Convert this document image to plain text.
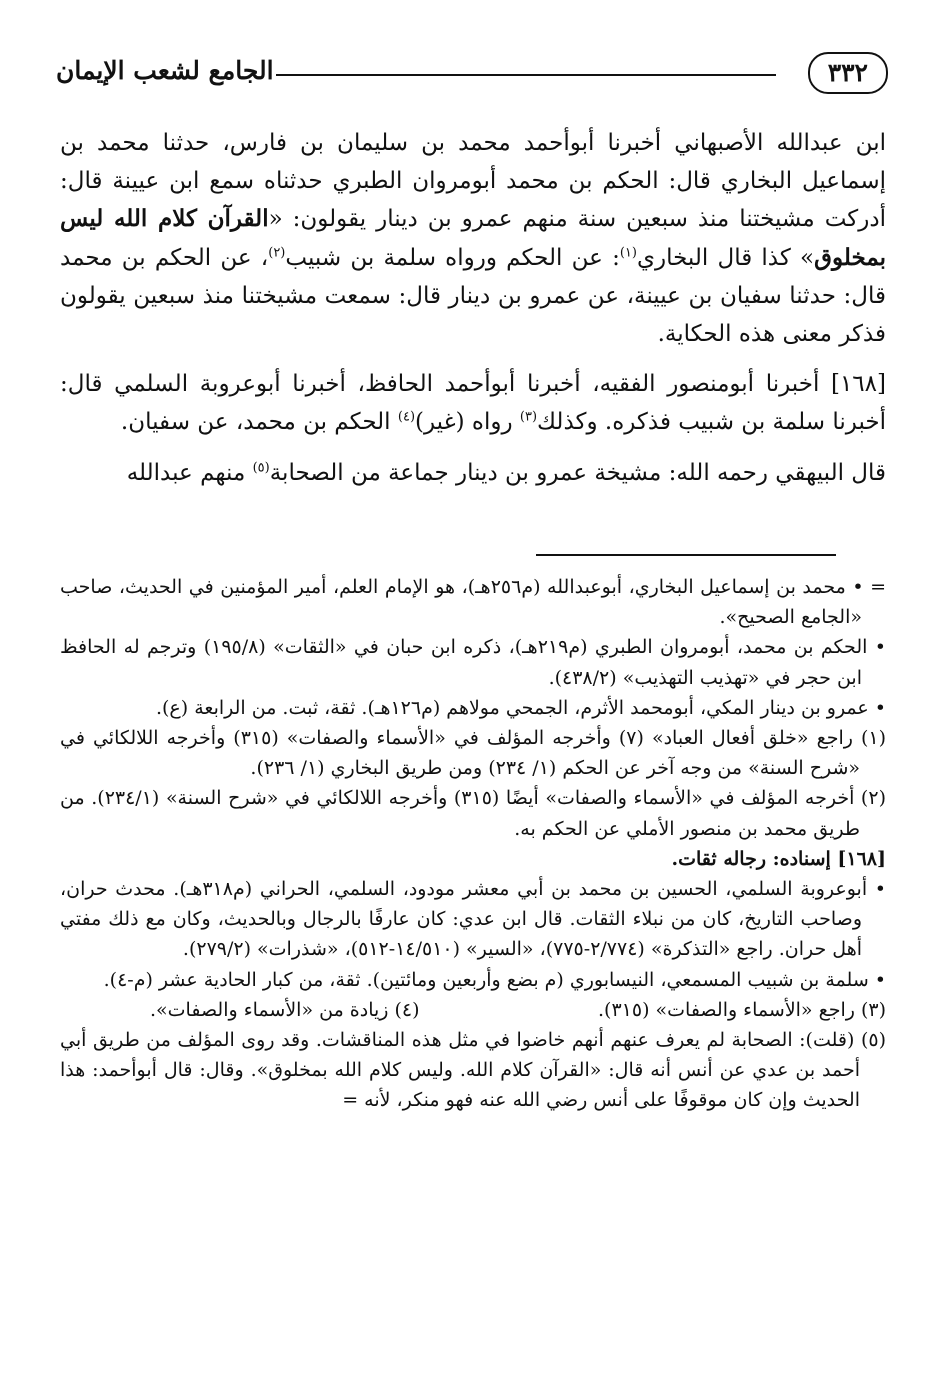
٣٣٢
الجامع لشعب الإيمان

ابن عبدالله الأصبهاني أخبرنا أبوأحمد محمد بن سليمان بن فارس، حدثنا محمد بن إسماعيل البخاري قال: الحكم بن محمد أبومروان الطبري حدثناه سمع ابن عيينة قال: أدركت مشيختنا منذ سبعين سنة منهم عمرو بن دينار يقولون: «القرآن كلام الله ليس بمخلوق» كذا قال البخاري$^{(١)}$: عن الحكم ورواه سلمة بن شبيب$^{(٢)}$، عن الحكم بن محمد قال: حدثنا سفيان بن عيينة، عن عمرو بن دينار قال: سمعت مشيختنا منذ سبعين يقولون فذكر معنى هذه الحكاية.

[١٦٨] أخبرنا أبومنصور الفقيه، أخبرنا أبوأحمد الحافظ، أخبرنا أبوعروبة السلمي قال: أخبرنا سلمة بن شبيب فذكره. وكذلك$^{(٣)}$ رواه (غير)$^{(٤)}$ الحكم بن محمد، عن سفيان.

قال البيهقي رحمه الله: مشيخة عمرو بن دينار جماعة من الصحابة$^{(٥)}$ منهم عبدالله

= • محمد بن إسماعيل البخاري، أبوعبدالله (م٢٥٦هـ)، هو الإمام العلم، أمير المؤمنين في الحديث، صاحب «الجامع الصحيح».

• الحكم بن محمد، أبومروان الطبري (م٢١٩هـ)، ذكره ابن حبان في «الثقات» (١٩٥/٨) وترجم له الحافظ ابن حجر في «تهذيب التهذيب» (٤٣٨/٢).

• عمرو بن دينار المكي، أبومحمد الأثرم، الجمحي مولاهم (م١٢٦هـ). ثقة، ثبت. من الرابعة (ع).

(١) راجع «خلق أفعال العباد» (٧) وأخرجه المؤلف في «الأسماء والصفات» (٣١٥) وأخرجه اللالكائي في «شرح السنة» من وجه آخر عن الحكم (١/ ٢٣٤) ومن طريق البخاري (١/ ٢٣٦).

(٢) أخرجه المؤلف في «الأسماء والصفات» أيضًا (٣١٥) وأخرجه اللالكائي في «شرح السنة» (٢٣٤/١). من طريق محمد بن منصور الأملي عن الحكم به.

[١٦٨] إسناده: رجاله ثقات.

• أبوعروبة السلمي، الحسين بن محمد بن أبي معشر مودود، السلمي، الحراني (م٣١٨هـ). محدث حران، وصاحب التاريخ، كان من نبلاء الثقات. قال ابن عدي: كان عارفًا بالرجال وبالحديث، وكان مع ذلك مفتي أهل حران. راجع «التذكرة» (٢/٧٧٤-٧٧٥)، «السير» (١٤/٥١٠-٥١٢)، «شذرات» (٢٧٩/٢).

• سلمة بن شبيب المسمعي، النيسابوري (م بضع وأربعين ومائتين). ثقة، من كبار الحادية عشر (م-٤).

(٣) راجع «الأسماء والصفات» (٣١٥).
(٤) زيادة من «الأسماء والصفات».

(٥) (قلت): الصحابة لم يعرف عنهم أنهم خاضوا في مثل هذه المناقشات. وقد روى المؤلف من طريق أبي أحمد بن عدي عن أنس أنه قال: «القرآن كلام الله. وليس كلام الله بمخلوق». وقال: قال أبوأحمد: هذا الحديث وإن كان موقوفًا على أنس رضي الله عنه فهو منكر، لأنه =
